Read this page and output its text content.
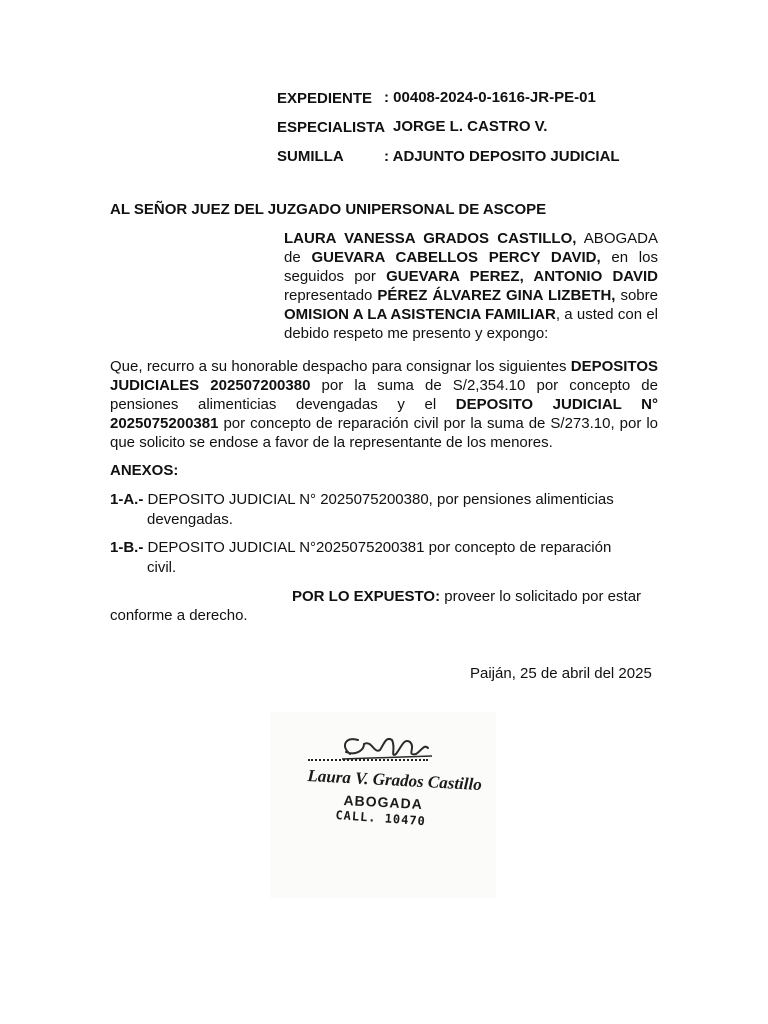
EXPEDIENTE : 00408-2024-0-1616-JR-PE-01
ESPECIALISTA JORGE L. CASTRO V.
SUMILLA	: ADJUNTO DEPOSITO JUDICIAL
AL SEÑOR JUEZ DEL JUZGADO UNIPERSONAL DE ASCOPE
LAURA VANESSA GRADOS CASTILLO, ABOGADA de GUEVARA CABELLOS PERCY DAVID, en los seguidos por GUEVARA PEREZ, ANTONIO DAVID representado PÉREZ ÁLVAREZ GINA LIZBETH, sobre OMISION A LA ASISTENCIA FAMILIAR, a usted con el debido respeto me presento y expongo:
Que, recurro a su honorable despacho para consignar los siguientes DEPOSITOS JUDICIALES 202507200380 por la suma de S/2,354.10 por concepto de pensiones alimenticias devengadas y el DEPOSITO JUDICIAL N° 2025075200381 por concepto de reparación civil por la suma de S/273.10, por lo que solicito se endose a favor de la representante de los menores.
ANEXOS:
1-A.- DEPOSITO JUDICIAL N° 2025075200380, por pensiones alimenticias
devengadas.
1-B.- DEPOSITO JUDICIAL N°2025075200381 por concepto de reparación
civil.
POR LO EXPUESTO: proveer lo solicitado por estar
conforme a derecho.
Paiján, 25 de abril del 2025
Laura V. Grados Castillo
ABOGADA
CALL. 10470
